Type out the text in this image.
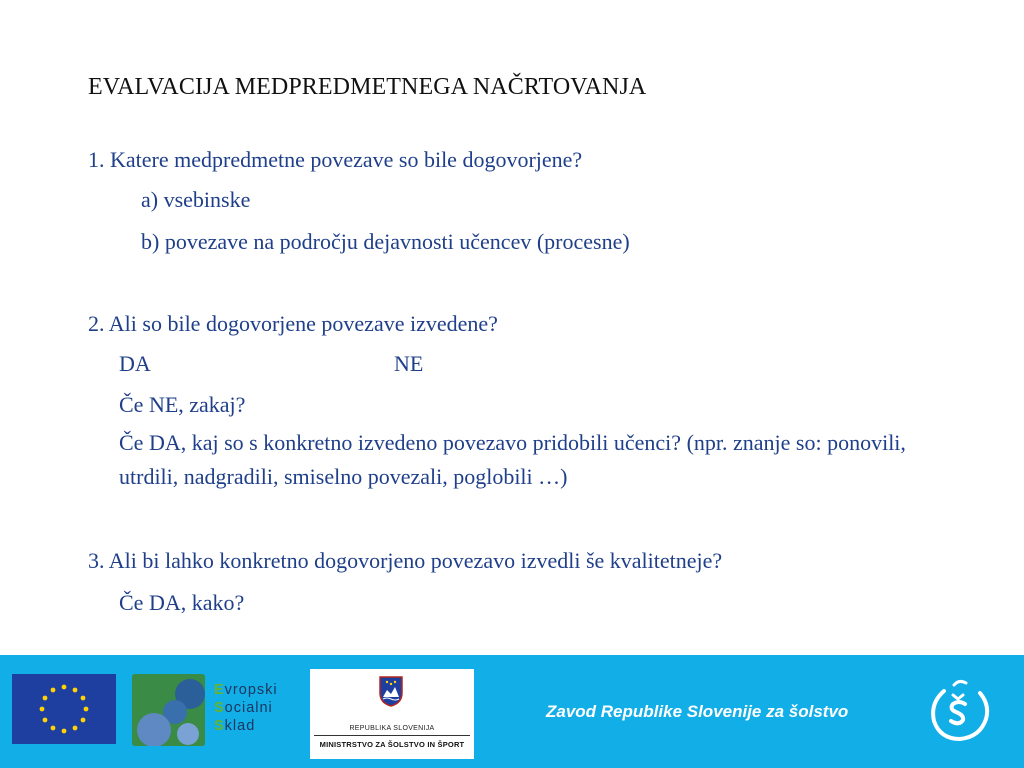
EVALVACIJA MEDPREDMETNEGA NAČRTOVANJA
1. Katere medpredmetne povezave so bile dogovorjene?
a) vsebinske
b) povezave na področju dejavnosti učencev (procesne)
2. Ali so bile dogovorjene povezave izvedene?
DA	NE
Če NE, zakaj?
Če DA, kaj so s konkretno izvedeno povezavo pridobili učenci? (npr. znanje so: ponovili, utrdili, nadgradili, smiselno povezali, poglobili …)
3. Ali bi lahko konkretno dogovorjeno povezavo izvedli še kvalitetneje?
Če DA, kako?
Evropski
Socialni
Sklad	REPUBLIKA SLOVENIJA
MINISTRSTVO ZA ŠOLSTVO IN ŠPORT
Zavod Republike Slovenije za šolstvo
